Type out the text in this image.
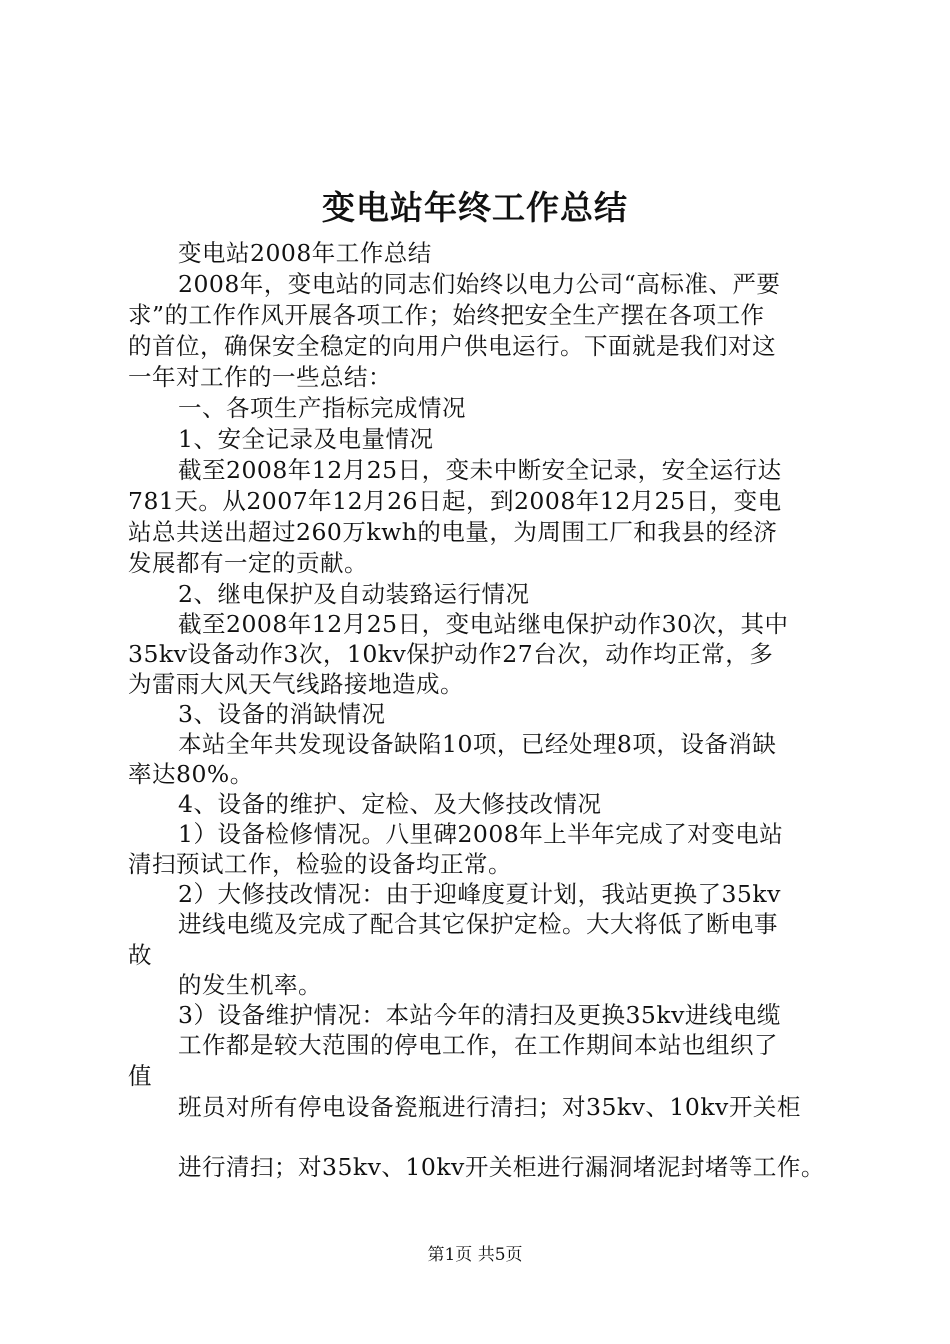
变电站年终工作总结
变电站2008年工作总结
2008年，变电站的同志们始终以电力公司“高标准、严要
求”的工作作风开展各项工作；始终把安全生产摆在各项工作
的首位，确保安全稳定的向用户供电运行。下面就是我们对这
一年对工作的一些总结：
一、各项生产指标完成情况
1、安全记录及电量情况
截至2008年12月25日，变未中断安全记录，安全运行达
781天。从2007年12月26日起，到2008年12月25日，变电
站总共送出超过260万kwh的电量，为周围工厂和我县的经济
发展都有一定的贡献。
2、继电保护及自动装臵运行情况
截至2008年12月25日，变电站继电保护动作30次，其中
35kv设备动作3次，10kv保护动作27台次，动作均正常，多
为雷雨大风天气线路接地造成。
3、设备的消缺情况
本站全年共发现设备缺陷10项，已经处理8项，设备消缺
率达80%。
4、设备的维护、定检、及大修技改情况
1）设备检修情况。八里碑2008年上半年完成了对变电站
清扫预试工作，检验的设备均正常。
2）大修技改情况：由于迎峰度夏计划，我站更换了35kv
进线电缆及完成了配合其它保护定检。大大将低了断电事
故
的发生机率。
3）设备维护情况：本站今年的清扫及更换35kv进线电缆
工作都是较大范围的停电工作，在工作期间本站也组织了
值
班员对所有停电设备瓷瓶进行清扫；对35kv、10kv开关柜
进行清扫；对35kv、10kv开关柜进行漏洞堵泥封堵等工作。
第1页 共5页
